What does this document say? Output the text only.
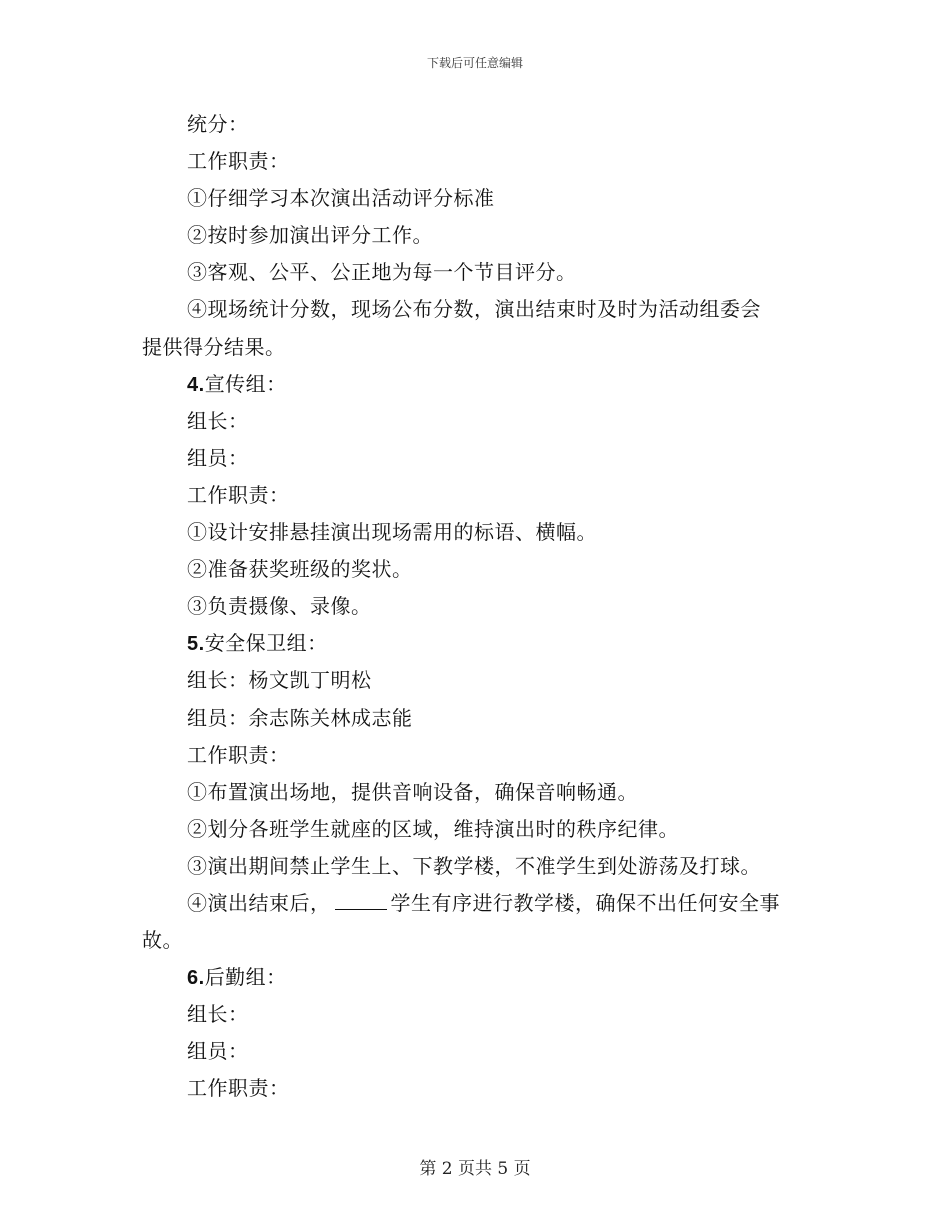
下载后可任意编辑
统分：
工作职责：
①仔细学习本次演出活动评分标准
②按时参加演出评分工作。
③客观、公平、公正地为每一个节目评分。
④现场统计分数，现场公布分数，演出结束时及时为活动组委会
提供得分结果。
4.宣传组：
组长：
组员：
工作职责：
①设计安排悬挂演出现场需用的标语、横幅。
②准备获奖班级的奖状。
③负责摄像、录像。
5.安全保卫组：
组长：杨文凯丁明松
组员：余志陈关林成志能
工作职责：
①布置演出场地，提供音响设备，确保音响畅通。
②划分各班学生就座的区域，维持演出时的秩序纪律。
③演出期间禁止学生上、下教学楼，不准学生到处游荡及打球。
④演出结束后，	学生有序进行教学楼，确保不出任何安全事
故。
6.后勤组：
组长：
组员：
工作职责：
第 2 页共 5 页
